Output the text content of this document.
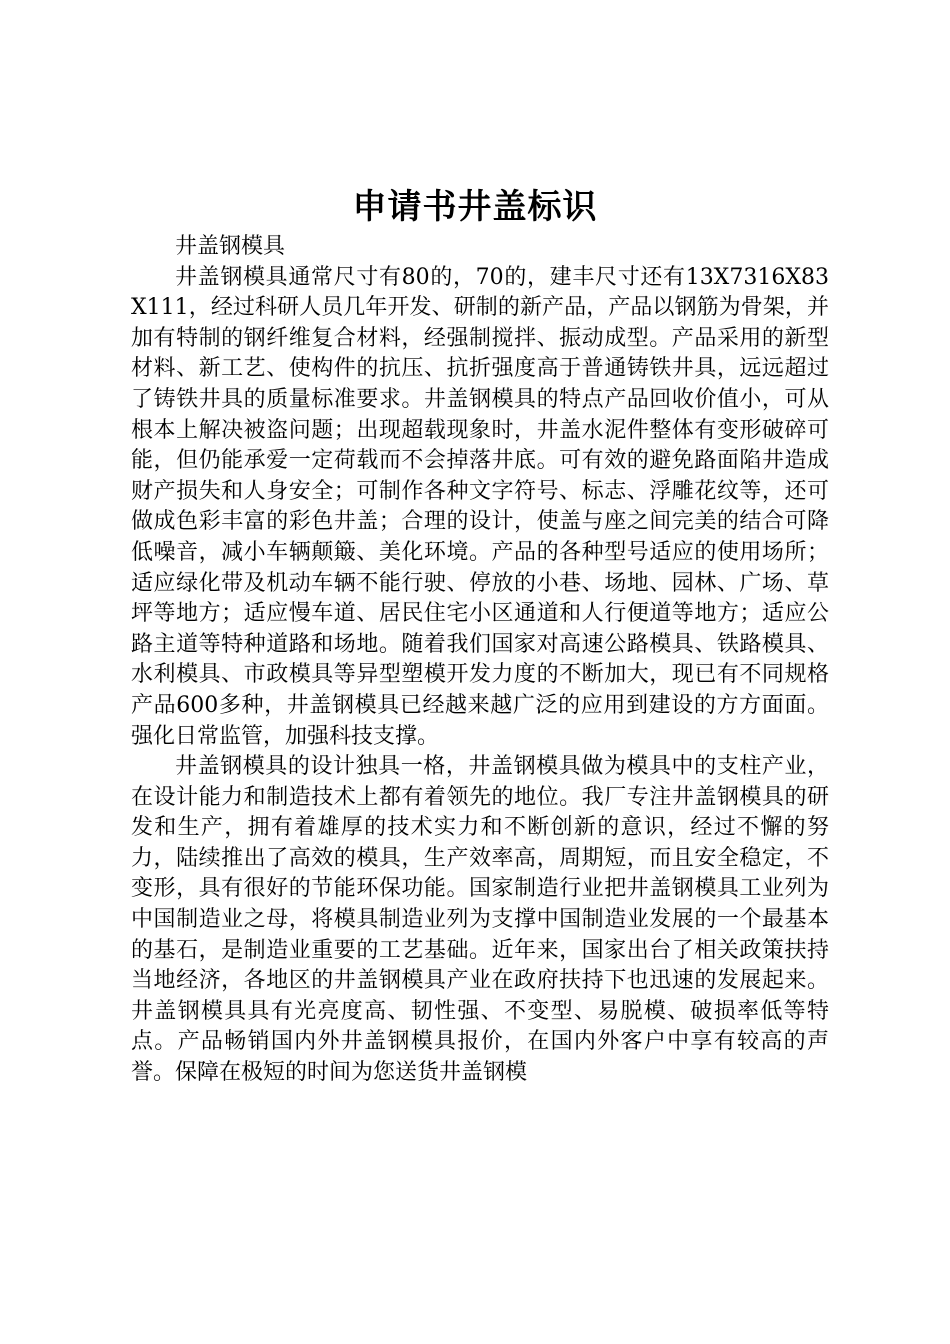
申请书井盖标识

井盖钢模具

井盖钢模具通常尺寸有80的，70的，建丰尺寸还有13X7316X83X111，经过科研人员几年开发、研制的新产品，产品以钢筋为骨架，并加有特制的钢纤维复合材料，经强制搅拌、振动成型。产品采用的新型材料、新工艺、使构件的抗压、抗折强度高于普通铸铁井具，远远超过了铸铁井具的质量标准要求。井盖钢模具的特点产品回收价值小，可从根本上解决被盗问题；出现超载现象时，井盖水泥件整体有变形破碎可能，但仍能承爱一定荷载而不会掉落井底。可有效的避免路面陷井造成财产损失和人身安全；可制作各种文字符号、标志、浮雕花纹等，还可做成色彩丰富的彩色井盖；合理的设计，使盖与座之间完美的结合可降低噪音，减小车辆颠簸、美化环境。产品的各种型号适应的使用场所；适应绿化带及机动车辆不能行驶、停放的小巷、场地、园林、广场、草坪等地方；适应慢车道、居民住宅小区通道和人行便道等地方；适应公路主道等特种道路和场地。随着我们国家对高速公路模具、铁路模具、水利模具、市政模具等异型塑模开发力度的不断加大，现已有不同规格产品600多种，井盖钢模具已经越来越广泛的应用到建设的方方面面。强化日常监管，加强科技支撑。

井盖钢模具的设计独具一格，井盖钢模具做为模具中的支柱产业，在设计能力和制造技术上都有着领先的地位。我厂专注井盖钢模具的研发和生产，拥有着雄厚的技术实力和不断创新的意识，经过不懈的努力，陆续推出了高效的模具，生产效率高，周期短，而且安全稳定，不变形，具有很好的节能环保功能。国家制造行业把井盖钢模具工业列为中国制造业之母，将模具制造业列为支撑中国制造业发展的一个最基本的基石，是制造业重要的工艺基础。近年来，国家出台了相关政策扶持当地经济，各地区的井盖钢模具产业在政府扶持下也迅速的发展起来。井盖钢模具具有光亮度高、韧性强、不变型、易脱模、破损率低等特点。产品畅销国内外井盖钢模具报价，在国内外客户中享有较高的声誉。保障在极短的时间为您送货井盖钢模
